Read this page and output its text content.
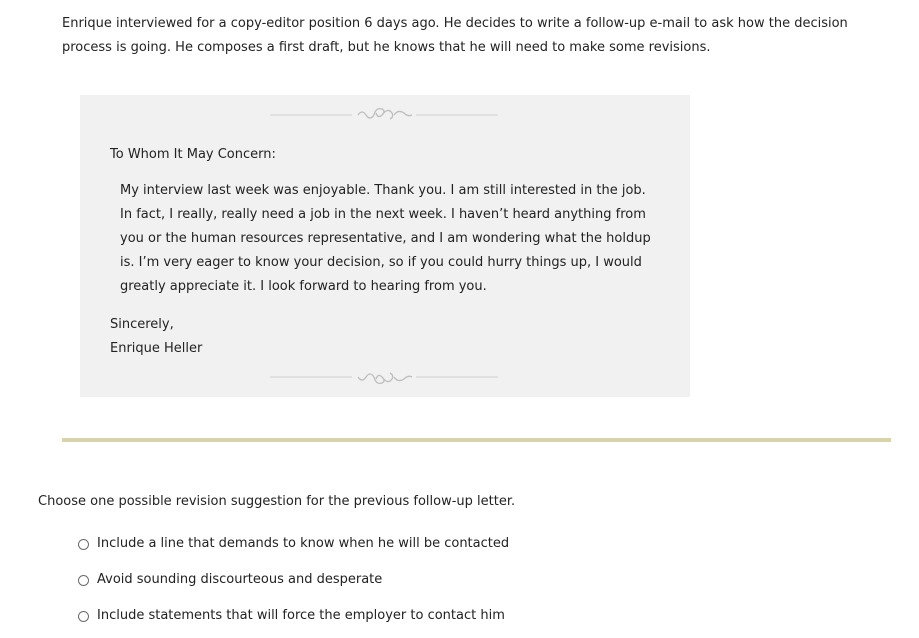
Enrique interviewed for a copy-editor position 6 days ago. He decides to write a follow-up e-mail to ask how the decision process is going. He composes a first draft, but he knows that he will need to make some revisions.
To Whom It May Concern:
My interview last week was enjoyable. Thank you. I am still interested in the job. In fact, I really, really need a job in the next week. I haven’t heard anything from you or the human resources representative, and I am wondering what the holdup is. I’m very eager to know your decision, so if you could hurry things up, I would greatly appreciate it. I look forward to hearing from you.
Sincerely,
Enrique Heller
Choose one possible revision suggestion for the previous follow-up letter.
Include a line that demands to know when he will be contacted
Avoid sounding discourteous and desperate
Include statements that will force the employer to contact him
